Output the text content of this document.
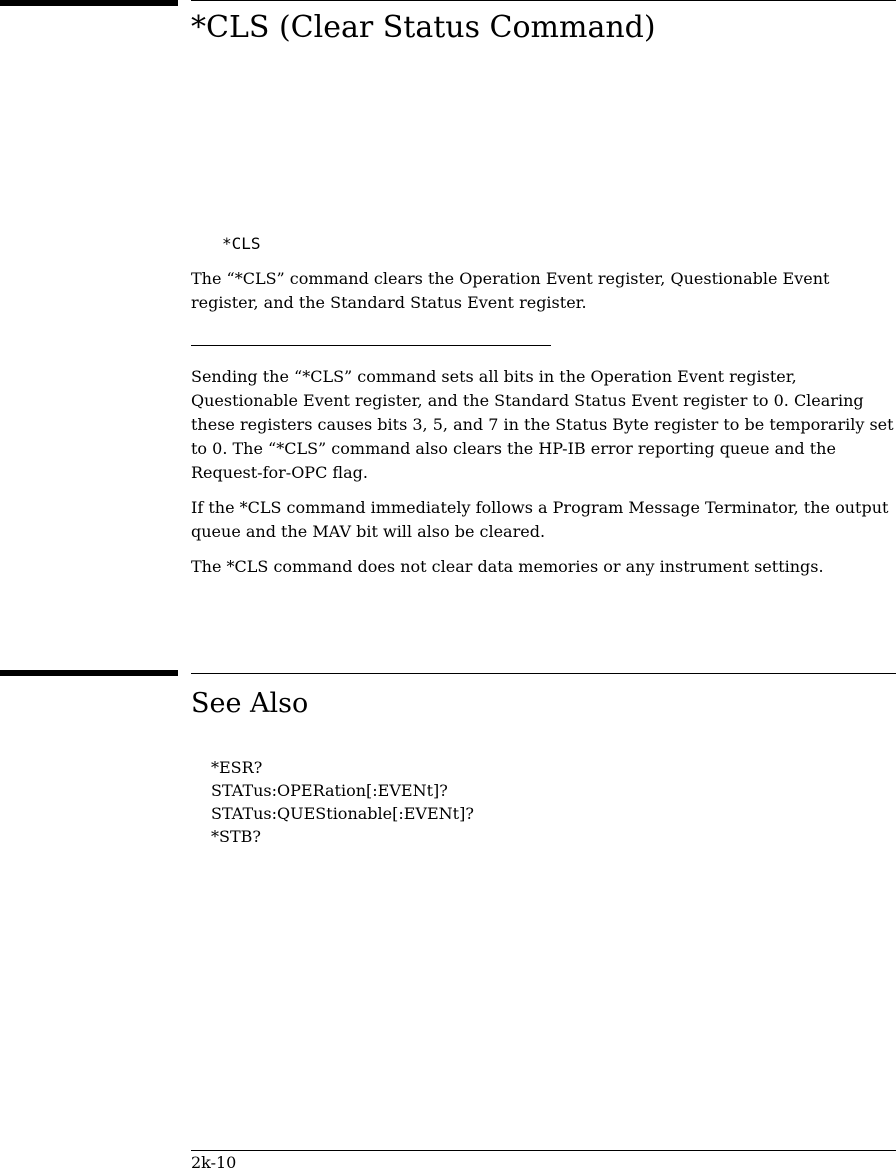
*CLS (Clear Status Command)
*CLS

The “*CLS” command clears the Operation Event register, Questionable Event register, and the Standard Status Event register.

Sending the “*CLS” command sets all bits in the Operation Event register, Questionable Event register, and the Standard Status Event register to 0. Clearing these registers causes bits 3, 5, and 7 in the Status Byte register to be temporarily set to 0. The “*CLS” command also clears the HP-IB error reporting queue and the Request-for-OPC flag.

If the *CLS command immediately follows a Program Message Terminator, the output queue and the MAV bit will also be cleared.

The *CLS command does not clear data memories or any instrument settings.

See Also
*ESR?
STATus:OPERation[:EVENt]?
STATus:QUEStionable[:EVENt]?
*STB?
2k-10
